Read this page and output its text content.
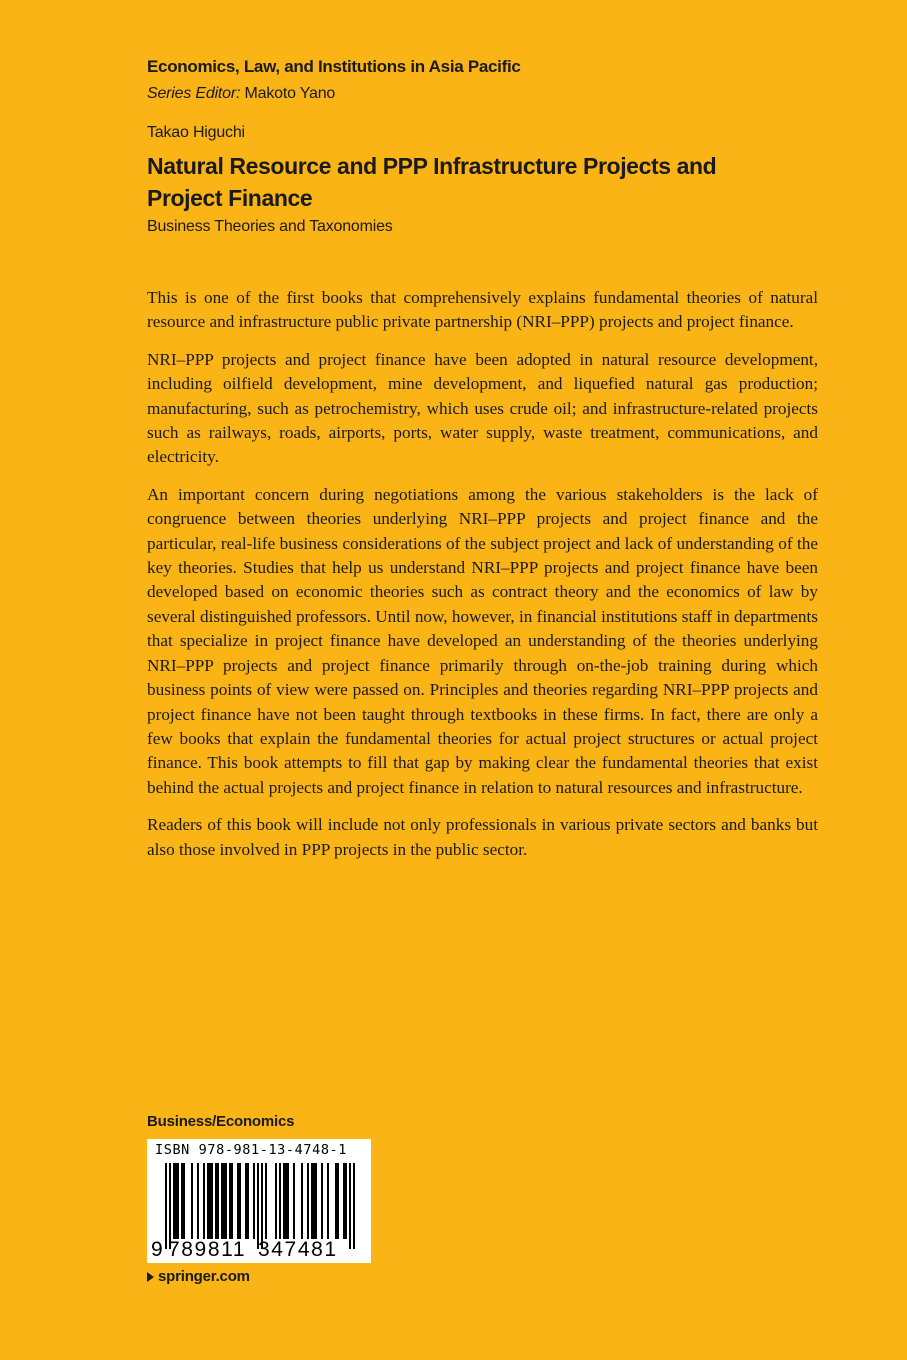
Economics, Law, and Institutions in Asia Pacific
Series Editor: Makoto Yano
Takao Higuchi
Natural Resource and PPP Infrastructure Projects and Project Finance
Business Theories and Taxonomies

This is one of the first books that comprehensively explains fundamental theories of natural resource and infrastructure public private partnership (NRI–PPP) projects and project finance.

NRI–PPP projects and project finance have been adopted in natural resource development, including oilfield development, mine development, and liquefied natural gas production; manufacturing, such as petrochemistry, which uses crude oil; and infrastructure-related projects such as railways, roads, airports, ports, water supply, waste treatment, communications, and electricity.

An important concern during negotiations among the various stakeholders is the lack of congruence between theories underlying NRI–PPP projects and project finance and the particular, real-life business considerations of the subject project and lack of understanding of the key theories. Studies that help us understand NRI–PPP projects and project finance have been developed based on economic theories such as contract theory and the economics of law by several distinguished professors. Until now, however, in financial institutions staff in departments that specialize in project finance have developed an understanding of the theories underlying NRI–PPP projects and project finance primarily through on-the-job training during which business points of view were passed on. Principles and theories regarding NRI–PPP projects and project finance have not been taught through textbooks in these firms. In fact, there are only a few books that explain the fundamental theories for actual project structures or actual project finance. This book attempts to fill that gap by making clear the fundamental theories that exist behind the actual projects and project finance in relation to natural resources and infrastructure.

Readers of this book will include not only professionals in various private sectors and banks but also those involved in PPP projects in the public sector.

Business/Economics
ISBN 978-981-13-4748-1
9 789811 347481
springer.com
